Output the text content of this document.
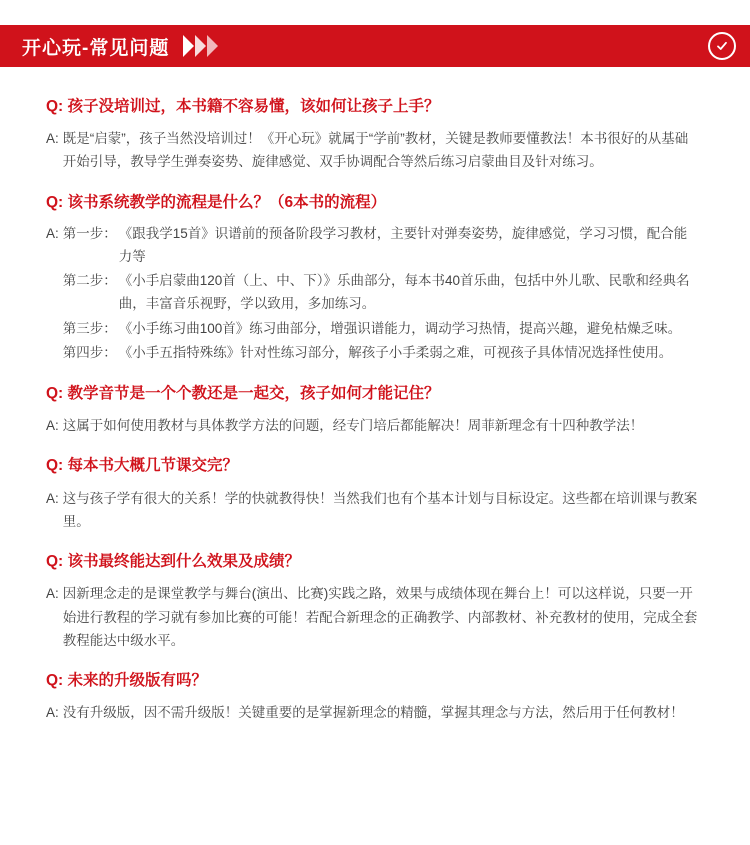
开心玩-常见问题
Q: 孩子没培训过，本书籍不容易懂，该如何让孩子上手？
A: 既是“启蒙”，孩子当然没培训过！《开心玩》就属于“学前”教材，关键是教师要懂教法！本书很好的从基础开始引导，教导学生弹奏姿势、旋律感觉、双手协调配合等然后练习启蒙曲目及针对练习。
Q: 该书系统教学的流程是什么？（6本书的流程）
A: 第一步： 《跟我学15首》识谱前的预备阶段学习教材，主要针对弹奏姿势，旋律感觉，学习习惯，配合能力等
第二步： 《小手启蒙曲120首（上、中、下）》乐曲部分，每本书40首乐曲，包括中外儿歌、民歌和经典名曲，丰富音乐视野，学以致用，多加练习。
第三步： 《小手练习曲100首》练习曲部分，增强识谱能力，调动学习热情，提高兴趣，避免枯燥乏味。
第四步： 《小手五指特殊练》针对性练习部分，解孩子小手柔弱之难，可视孩子具体情况选择性使用。
Q: 教学音节是一个个教还是一起交，孩子如何才能记住？
A: 这属于如何使用教材与具体教学方法的问题，经专门培后都能解决！周菲新理念有十四种教学法！
Q: 每本书大概几节课交完？
A: 这与孩子学有很大的关系！学的快就教得快！当然我们也有个基本计划与目标设定。这些都在培训课与教案里。
Q: 该书最终能达到什么效果及成绩？
A: 因新理念走的是课堂教学与舞台(演出、比赛)实践之路，效果与成绩体现在舞台上！可以这样说，只要一开始进行教程的学习就有参加比赛的可能！若配合新理念的正确教学、内部教材、补充教材的使用，完成全套教程能达中级水平。
Q: 未来的升级版有吗？
A: 没有升级版，因不需升级版！关键重要的是掌握新理念的精髓，掌握其理念与方法，然后用于任何教材！
